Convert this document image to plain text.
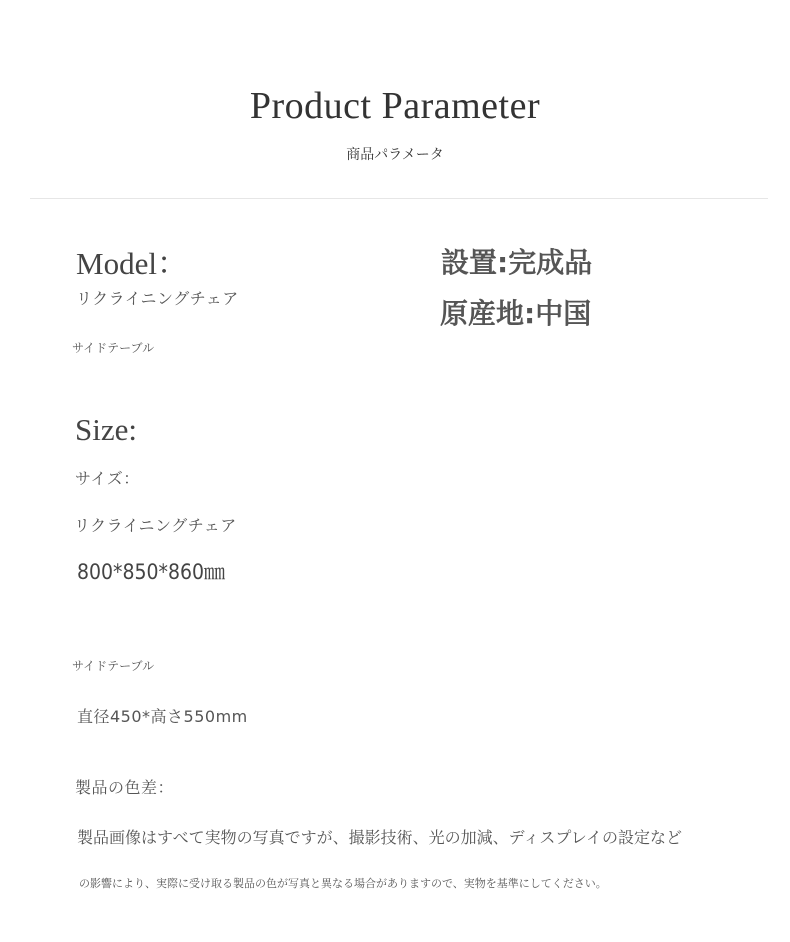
Product Parameter
商品パラメータ
Model：
リクライニングチェア
サイドテーブル
設置:完成品
原産地:中国
Size:
サイズ：
リクライニングチェア
800*850*860㎜
サイドテーブル
直径450*高さ550mm
製品の色差：
製品画像はすべて実物の写真ですが、撮影技術、光の加減、ディスプレイの設定など
の影響により、実際に受け取る製品の色が写真と異なる場合がありますので、実物を基準にしてください。
